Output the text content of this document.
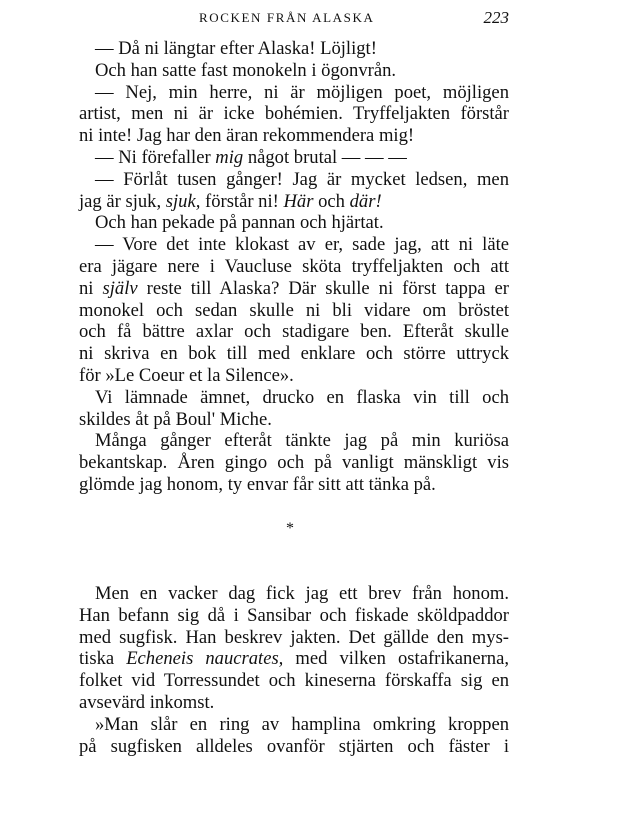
ROCKEN FRÅN ALASKA	223
— Då ni längtar efter Alaska! Löjligt!
Och han satte fast monokeln i ögonvrån.
— Nej, min herre, ni är möjligen poet, möjligen
artist, men ni är icke bohémien. Tryffeljakten förstår
ni inte! Jag har den äran rekommendera mig!
— Ni förefaller mig något brutal — — —
— Förlåt tusen gånger! Jag är mycket ledsen, men
jag är sjuk, sjuk, förstår ni! Här och där!
Och han pekade på pannan och hjärtat.
— Vore det inte klokast av er, sade jag, att ni läte
era jägare nere i Vaucluse sköta tryffeljakten och att
ni själv reste till Alaska? Där skulle ni först tappa er
monokel och sedan skulle ni bli vidare om bröstet
och få bättre axlar och stadigare ben. Efteråt skulle
ni skriva en bok till med enklare och större uttryck
för »Le Coeur et la Silence».
Vi lämnade ämnet, drucko en flaska vin till och
skildes åt på Boul' Miche.
Många gånger efteråt tänkte jag på min kuriösa
bekantskap. Åren gingo och på vanligt mänskligt vis
glömde jag honom, ty envar får sitt att tänka på.
*
Men en vacker dag fick jag ett brev från honom.
Han befann sig då i Sansibar och fiskade sköldpaddor
med sugfisk. Han beskrev jakten. Det gällde den mys-
tiska Echeneis naucrates, med vilken ostafrikanerna,
folket vid Torressundet och kineserna förskaffa sig en
avsevärd inkomst.
»Man slår en ring av hamplina omkring kroppen
på sugfisken alldeles ovanför stjärten och fäster i
